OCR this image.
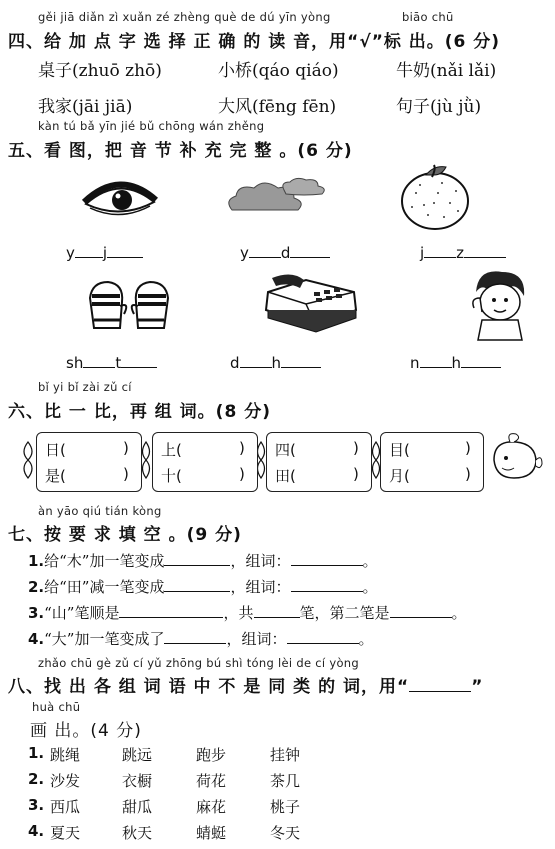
gěi jiā diǎn zì xuǎn zé zhèng què de dú yīn yòng	biāo chū
四、给 加 点 字 选 择 正 确 的 读 音，用“√”标 出。(6 分)
桌子(zhuō zhō)	小桥(qáo qiáo)	牛奶(nǎi lǎi)
我家(jāi jiā)	大风(fēng fēn)	句子(jù jǜ)
kàn tú bǎ yīn jié bǔ chōng wán zhěng
五、看 图，把 音 节 补 充 完 整 。(6 分)
y j	y d	j z
sh t	d h	n h
bǐ yi bǐ zài zǔ cí
六、比 一 比，再 组 词。(8 分)
日(	)
是(	)
上(	)
十(	)
四(	)
田(	)
目(	)
月(	)
àn yāo qiú tián kòng
七、按 要 求 填 空 。(9 分)
1.给“木”加一笔变成	，组词：	。
2.给“田”减一笔变成	，组词：	。
3.“山”笔顺是	，共	笔，第二笔是	。
4.“大”加一笔变成了	，组词：	。
zhǎo chū gè zǔ cí yǔ zhōng bú shì tóng lèi de cí yòng
八、找 出 各 组 词 语 中 不 是 同 类 的 词，用“	”
huà chū
画 出。(4 分)
1. 跳绳	跳远	跑步	挂钟
2. 沙发	衣橱	荷花	茶几
3. 西瓜	甜瓜	麻花	桃子
4. 夏天	秋天	蜻蜓	冬天
